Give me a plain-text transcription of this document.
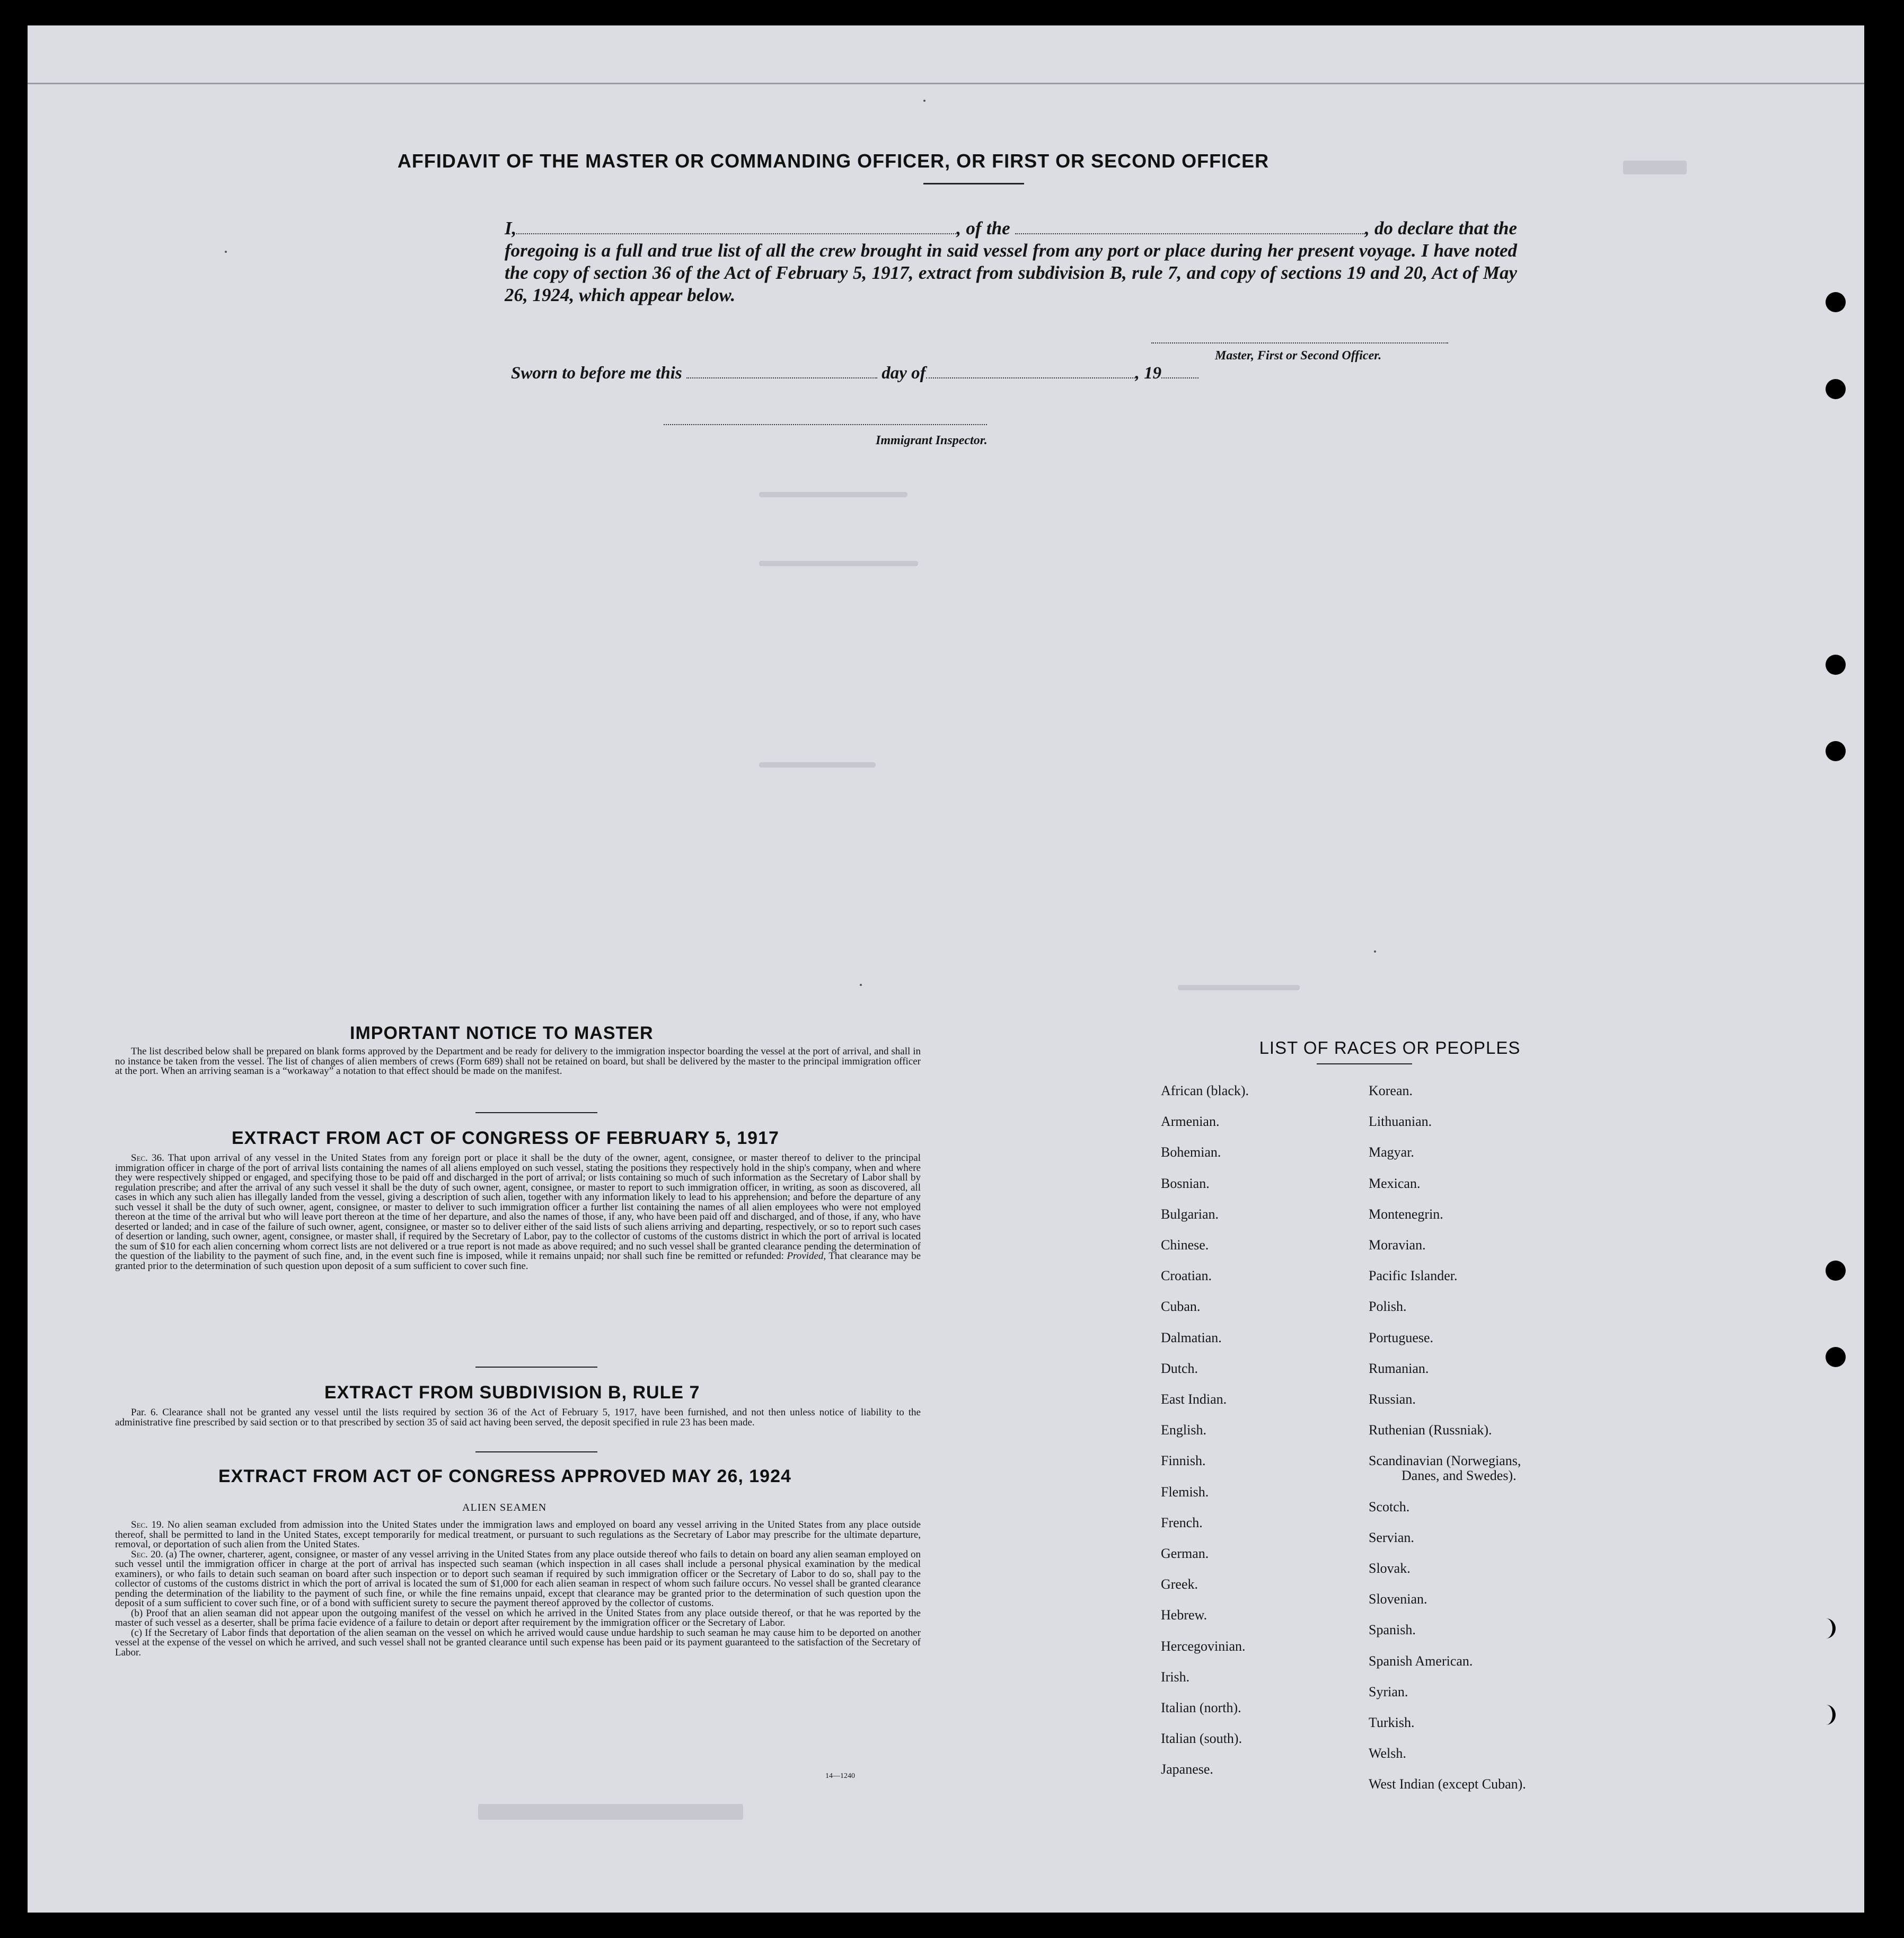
AFFIDAVIT OF THE MASTER OR COMMANDING OFFICER, OR FIRST OR SECOND OFFICER
I,	, of the	, do declare that the foregoing is a full and true list of all the crew brought in said vessel from any port or place during her present voyage. I have noted the copy of section 36 of the Act of February 5, 1917, extract from subdivision B, rule 7, and copy of sections 19 and 20, Act of May 26, 1924, which appear below.
Master, First or Second Officer.
Sworn to before me this	day of	, 19
Immigrant Inspector.
IMPORTANT NOTICE TO MASTER

The list described below shall be prepared on blank forms approved by the Department and be ready for delivery to the immigration inspector boarding the vessel at the port of arrival, and shall in no instance be taken from the vessel. The list of changes of alien members of crews (Form 689) shall not be retained on board, but shall be delivered by the master to the principal immigration officer at the port. When an arriving seaman is a “workaway” a notation to that effect should be made on the manifest.

EXTRACT FROM ACT OF CONGRESS OF FEBRUARY 5, 1917

Sec. 36. That upon arrival of any vessel in the United States from any foreign port or place it shall be the duty of the owner, agent, consignee, or master thereof to deliver to the principal immigration officer in charge of the port of arrival lists containing the names of all aliens employed on such vessel, stating the positions they respectively hold in the ship's company, when and where they were respectively shipped or engaged, and specifying those to be paid off and discharged in the port of arrival; or lists containing so much of such information as the Secretary of Labor shall by regulation prescribe; and after the arrival of any such vessel it shall be the duty of such owner, agent, consignee, or master to report to such immigration officer, in writing, as soon as discovered, all cases in which any such alien has illegally landed from the vessel, giving a description of such alien, together with any information likely to lead to his apprehension; and before the departure of any such vessel it shall be the duty of such owner, agent, consignee, or master to deliver to such immigration officer a further list containing the names of all alien employees who were not employed thereon at the time of the arrival but who will leave port thereon at the time of her departure, and also the names of those, if any, who have been paid off and discharged, and of those, if any, who have deserted or landed; and in case of the failure of such owner, agent, consignee, or master so to deliver either of the said lists of such aliens arriving and departing, respectively, or so to report such cases of desertion or landing, such owner, agent, consignee, or master shall, if required by the Secretary of Labor, pay to the collector of customs of the customs district in which the port of arrival is located the sum of $10 for each alien concerning whom correct lists are not delivered or a true report is not made as above required; and no such vessel shall be granted clearance pending the determination of the question of the liability to the payment of such fine, and, in the event such fine is imposed, while it remains unpaid; nor shall such fine be remitted or refunded: Provided, That clearance may be granted prior to the determination of such question upon deposit of a sum sufficient to cover such fine.

EXTRACT FROM SUBDIVISION B, RULE 7

Par. 6. Clearance shall not be granted any vessel until the lists required by section 36 of the Act of February 5, 1917, have been furnished, and not then unless notice of liability to the administrative fine prescribed by said section or to that prescribed by section 35 of said act having been served, the deposit specified in rule 23 has been made.

EXTRACT FROM ACT OF CONGRESS APPROVED MAY 26, 1924
ALIEN SEAMEN

Sec. 19. No alien seaman excluded from admission into the United States under the immigration laws and employed on board any vessel arriving in the United States from any place outside thereof, shall be permitted to land in the United States, except temporarily for medical treatment, or pursuant to such regulations as the Secretary of Labor may prescribe for the ultimate departure, removal, or deportation of such alien from the United States.

Sec. 20. (a) The owner, charterer, agent, consignee, or master of any vessel arriving in the United States from any place outside thereof who fails to detain on board any alien seaman employed on such vessel until the immigration officer in charge at the port of arrival has inspected such seaman (which inspection in all cases shall include a personal physical examination by the medical examiners), or who fails to detain such seaman on board after such inspection or to deport such seaman if required by such immigration officer or the Secretary of Labor to do so, shall pay to the collector of customs of the customs district in which the port of arrival is located the sum of $1,000 for each alien seaman in respect of whom such failure occurs. No vessel shall be granted clearance pending the determination of the liability to the payment of such fine, or while the fine remains unpaid, except that clearance may be granted prior to the determination of such question upon the deposit of a sum sufficient to cover such fine, or of a bond with sufficient surety to secure the payment thereof approved by the collector of customs.

(b) Proof that an alien seaman did not appear upon the outgoing manifest of the vessel on which he arrived in the United States from any place outside thereof, or that he was reported by the master of such vessel as a deserter, shall be prima facie evidence of a failure to detain or deport after requirement by the immigration officer or the Secretary of Labor.

(c) If the Secretary of Labor finds that deportation of the alien seaman on the vessel on which he arrived would cause undue hardship to such seaman he may cause him to be deported on another vessel at the expense of the vessel on which he arrived, and such vessel shall not be granted clearance until such expense has been paid or its payment guaranteed to the satisfaction of the Secretary of Labor.

14—1240
LIST OF RACES OR PEOPLES
African (black).
Armenian.
Bohemian.
Bosnian.
Bulgarian.
Chinese.
Croatian.
Cuban.
Dalmatian.
Dutch.
East Indian.
English.
Finnish.
Flemish.
French.
German.
Greek.
Hebrew.
Hercegovinian.
Irish.
Italian (north).
Italian (south).
Japanese.
Korean.
Lithuanian.
Magyar.
Mexican.
Montenegrin.
Moravian.
Pacific Islander.
Polish.
Portuguese.
Rumanian.
Russian.
Ruthenian (Russniak).
Scandinavian (Norwegians,
Danes, and Swedes).
Scotch.
Servian.
Slovak.
Slovenian.
Spanish.
Spanish American.
Syrian.
Turkish.
Welsh.
West Indian (except Cuban).
